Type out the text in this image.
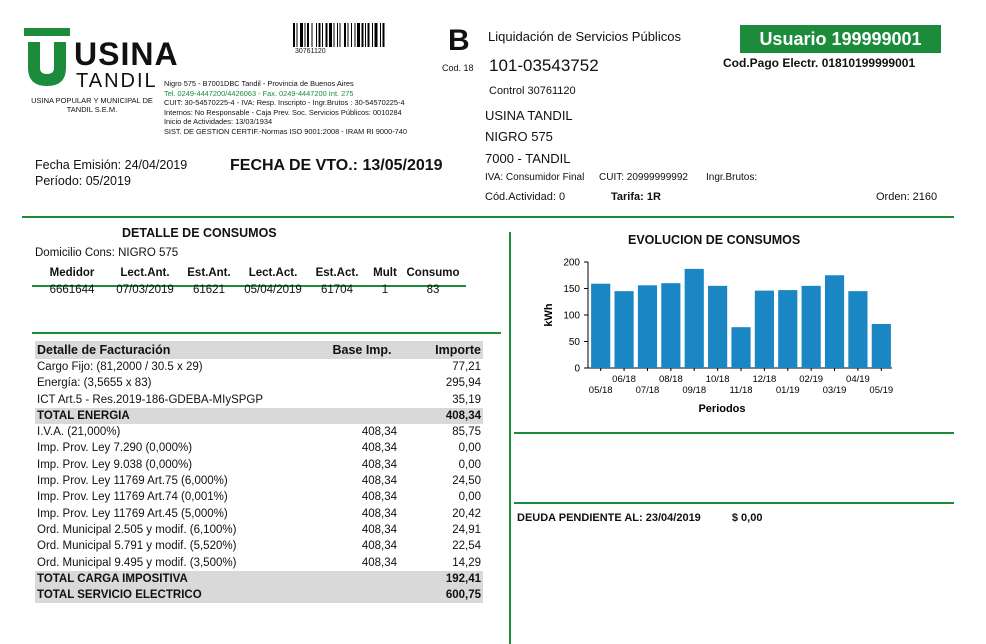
USINA
TANDIL
USINA POPULAR Y MUNICIPAL DE TANDIL S.E.M.
Nigro 575 - B7001DBC Tandil - Provincia de Buenos Aires
Tel. 0249-4447200/4426063 - Fax. 0249-4447200 Int. 275
CUIT: 30-54570225-4 - IVA: Resp. Inscripto - Ingr.Brutos : 30-54570225-4
Internos: No Responsable - Caja Prev. Soc. Servicios Públicos: 0010284
Inicio de Actividades: 13/03/1934
SIST. DE GESTION CERTIF.-Normas ISO 9001:2008 - IRAM RI 9000-740
30761120	B
Cod. 18
Liquidación de Servicios Públicos
101-03543752
Control 30761120
Usuario 199999001
Cod.Pago Electr. 01810199999001
USINA TANDIL
NIGRO 575
7000 - TANDIL
IVA: Consumidor Final CUIT: 20999999992 Ingr.Brutos:
Cód.Actividad: 0	Tarifa: 1R	Orden: 2160
Fecha Emisión: 24/04/2019
Período: 05/2019
FECHA DE VTO.: 13/05/2019
DETALLE DE CONSUMOS
Domicilio Cons: NIGRO 575
Medidor	Lect.Ant.	Est.Ant.	Lect.Act.	Est.Act.	Mult	Consumo
6661644	07/03/2019	61621	05/04/2019	61704	1	83
Detalle de Facturación	Base Imp.	Importe
Cargo Fijo: (81,2000 / 30.5 x 29)		77,21
Energía: (3,5655 x 83)		295,94
ICT Art.5 - Res.2019-186-GDEBA-MIySPGP		35,19
TOTAL ENERGIA		408,34
I.V.A. (21,000%)	408,34	85,75
Imp. Prov. Ley 7.290 (0,000%)	408,34	0,00
Imp. Prov. Ley 9.038 (0,000%)	408,34	0,00
Imp. Prov. Ley 11769 Art.75 (6,000%)	408,34	24,50
Imp. Prov. Ley 11769 Art.74 (0,001%)	408,34	0,00
Imp. Prov. Ley 11769 Art.45 (5,000%)	408,34	20,42
Ord. Municipal 2.505 y modif. (6,100%)	408,34	24,91
Ord. Municipal 5.791 y modif. (5,520%)	408,34	22,54
Ord. Municipal 9.495 y modif. (3,500%)	408,34	14,29
TOTAL CARGA IMPOSITIVA		192,41
TOTAL SERVICIO ELECTRICO		600,75
EVOLUCION DE CONSUMOS
0
50
100
150
200
kWh
05/18
06/18
07/18
08/18
09/18
10/18
11/18
12/18
01/19
02/19
03/19
04/19
05/19
Periodos
DEUDA PENDIENTE AL: 23/04/2019	$ 0,00
